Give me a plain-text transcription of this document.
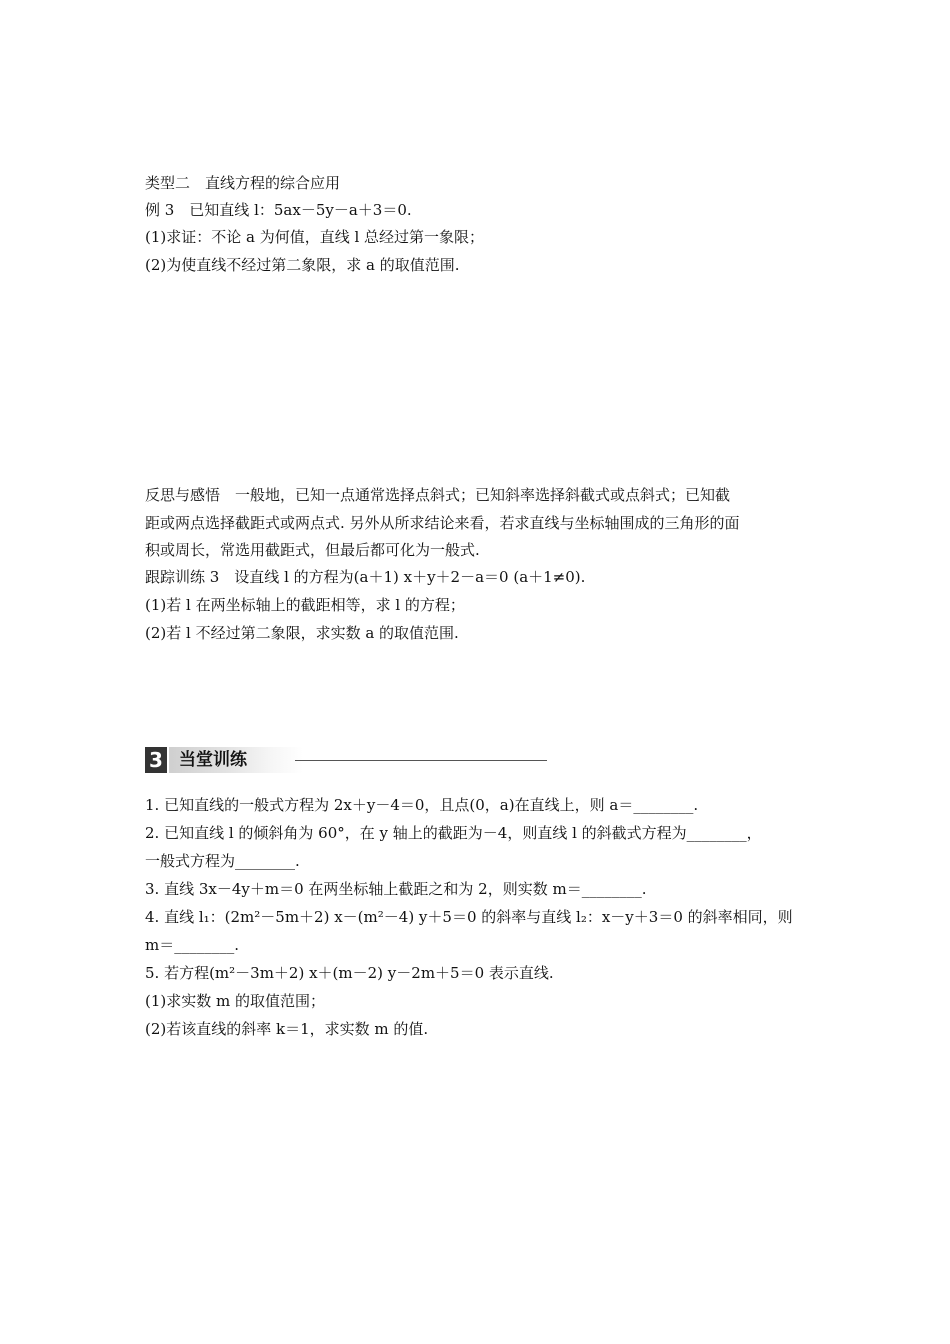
类型二　直线方程的综合应用
例 3　已知直线 l：5ax－5y－a＋3＝0.
(1)求证：不论 a 为何值，直线 l 总经过第一象限；
(2)为使直线不经过第二象限，求 a 的取值范围.
反思与感悟　一般地，已知一点通常选择点斜式；已知斜率选择斜截式或点斜式；已知截
距或两点选择截距式或两点式. 另外从所求结论来看，若求直线与坐标轴围成的三角形的面
积或周长，常选用截距式，但最后都可化为一般式.
跟踪训练 3　设直线 l 的方程为(a＋1) x＋y＋2－a＝0 (a＋1≠0).
(1)若 l 在两坐标轴上的截距相等，求 l 的方程；
(2)若 l 不经过第二象限，求实数 a 的取值范围.
3 当堂训练
1. 已知直线的一般式方程为 2x＋y－4＝0，且点(0，a)在直线上，则 a＝________.
2. 已知直线 l 的倾斜角为 60°，在 y 轴上的截距为－4，则直线 l 的斜截式方程为________，
一般式方程为________.
3. 直线 3x－4y＋m＝0 在两坐标轴上截距之和为 2，则实数 m＝________.
4. 直线 l₁：(2m²－5m＋2) x－(m²－4) y＋5＝0 的斜率与直线 l₂：x－y＋3＝0 的斜率相同，则
m＝________.
5. 若方程(m²－3m＋2) x＋(m－2) y－2m＋5＝0 表示直线.
(1)求实数 m 的取值范围；
(2)若该直线的斜率 k＝1，求实数 m 的值.
